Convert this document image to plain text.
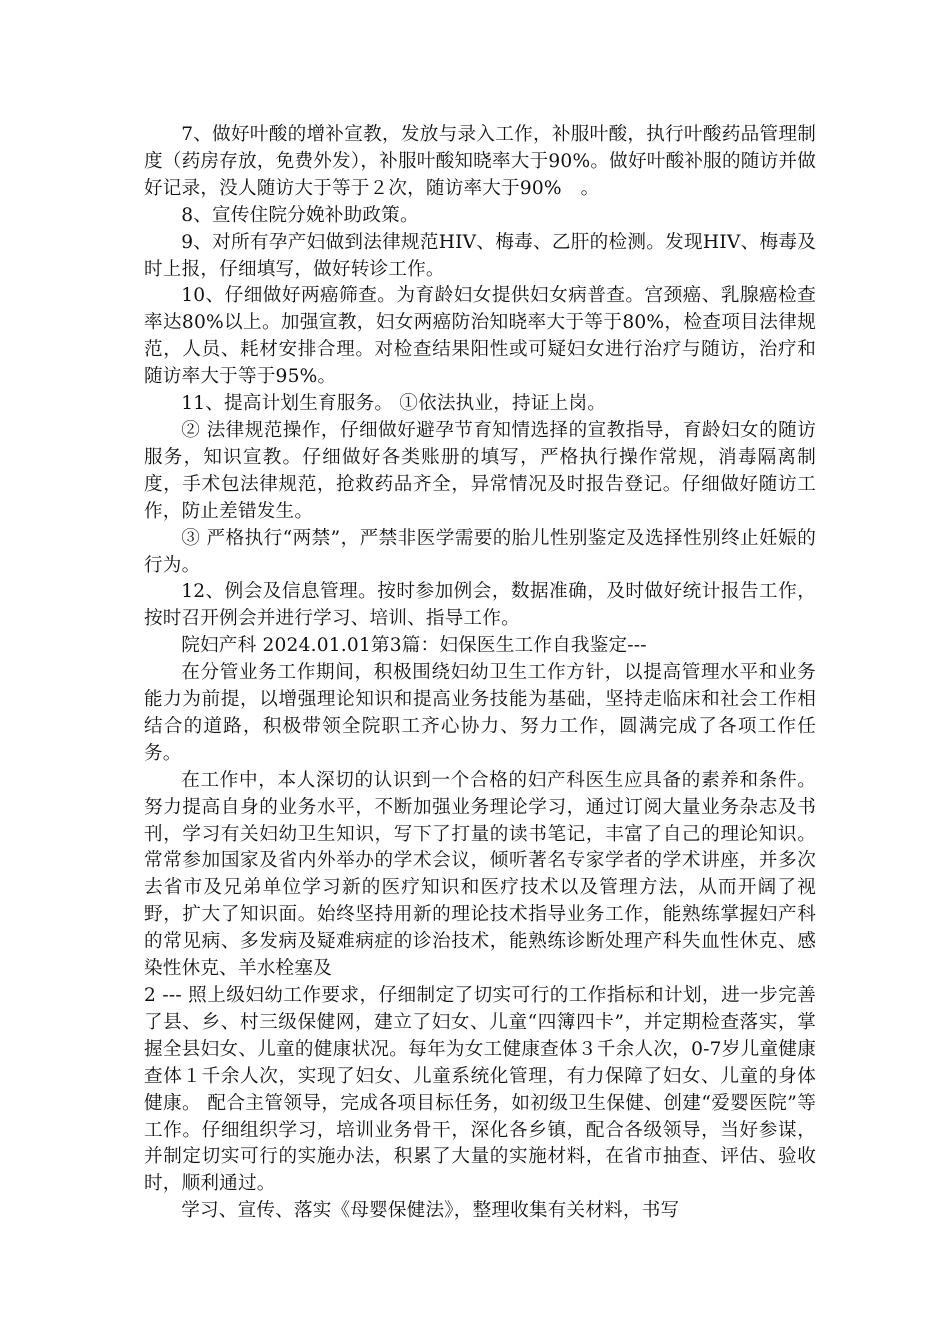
7、做好叶酸的增补宣教，发放与录入工作，补服叶酸，执行叶酸药品管理制度（药房存放，免费外发），补服叶酸知晓率大于90%。做好叶酸补服的随访并做好记录，没人随访大于等于２次，随访率大于90%　。

8、宣传住院分娩补助政策。

9、对所有孕产妇做到法律规范HIV、梅毒、乙肝的检测。发现HIV、梅毒及时上报，仔细填写，做好转诊工作。

10、仔细做好两癌筛查。为育龄妇女提供妇女病普查。宫颈癌、乳腺癌检查率达80%以上。加强宣教，妇女两癌防治知晓率大于等于80%，检查项目法律规范，人员、耗材安排合理。对检查结果阳性或可疑妇女进行治疗与随访，治疗和随访率大于等于95%。

11、提高计划生育服务。 ①依法执业，持证上岗。

② 法律规范操作，仔细做好避孕节育知情选择的宣教指导，育龄妇女的随访服务，知识宣教。仔细做好各类账册的填写，严格执行操作常规，消毒隔离制度，手术包法律规范，抢救药品齐全，异常情况及时报告登记。仔细做好随访工作，防止差错发生。

③ 严格执行“两禁”，严禁非医学需要的胎儿性别鉴定及选择性别终止妊娠的行为。

12、例会及信息管理。按时参加例会，数据准确，及时做好统计报告工作，按时召开例会并进行学习、培训、指导工作。

院妇产科 2024.01.01第3篇：妇保医生工作自我鉴定---

在分管业务工作期间，积极围绕妇幼卫生工作方针，以提高管理水平和业务能力为前提，以增强理论知识和提高业务技能为基础，坚持走临床和社会工作相结合的道路，积极带领全院职工齐心协力、努力工作，圆满完成了各项工作任务。

在工作中，本人深切的认识到一个合格的妇产科医生应具备的素养和条件。努力提高自身的业务水平，不断加强业务理论学习，通过订阅大量业务杂志及书刊，学习有关妇幼卫生知识，写下了打量的读书笔记，丰富了自己的理论知识。常常参加国家及省内外举办的学术会议，倾听著名专家学者的学术讲座，并多次去省市及兄弟单位学习新的医疗知识和医疗技术以及管理方法，从而开阔了视野，扩大了知识面。始终坚持用新的理论技术指导业务工作，能熟练掌握妇产科的常见病、多发病及疑难病症的诊治技术，能熟练诊断处理产科失血性休克、感染性休克、羊水栓塞及

2 --- 照上级妇幼工作要求，仔细制定了切实可行的工作指标和计划，进一步完善了县、乡、村三级保健网，建立了妇女、儿童“四簿四卡”，并定期检查落实，掌握全县妇女、儿童的健康状况。每年为女工健康查体３千余人次，0-7岁儿童健康查体１千余人次，实现了妇女、儿童系统化管理，有力保障了妇女、儿童的身体健康。 配合主管领导，完成各项目标任务，如初级卫生保健、创建“爱婴医院”等工作。仔细组织学习，培训业务骨干，深化各乡镇，配合各级领导，当好参谋，并制定切实可行的实施办法，积累了大量的实施材料，在省市抽查、评估、验收时，顺利通过。

学习、宣传、落实《母婴保健法》，整理收集有关材料，书写
